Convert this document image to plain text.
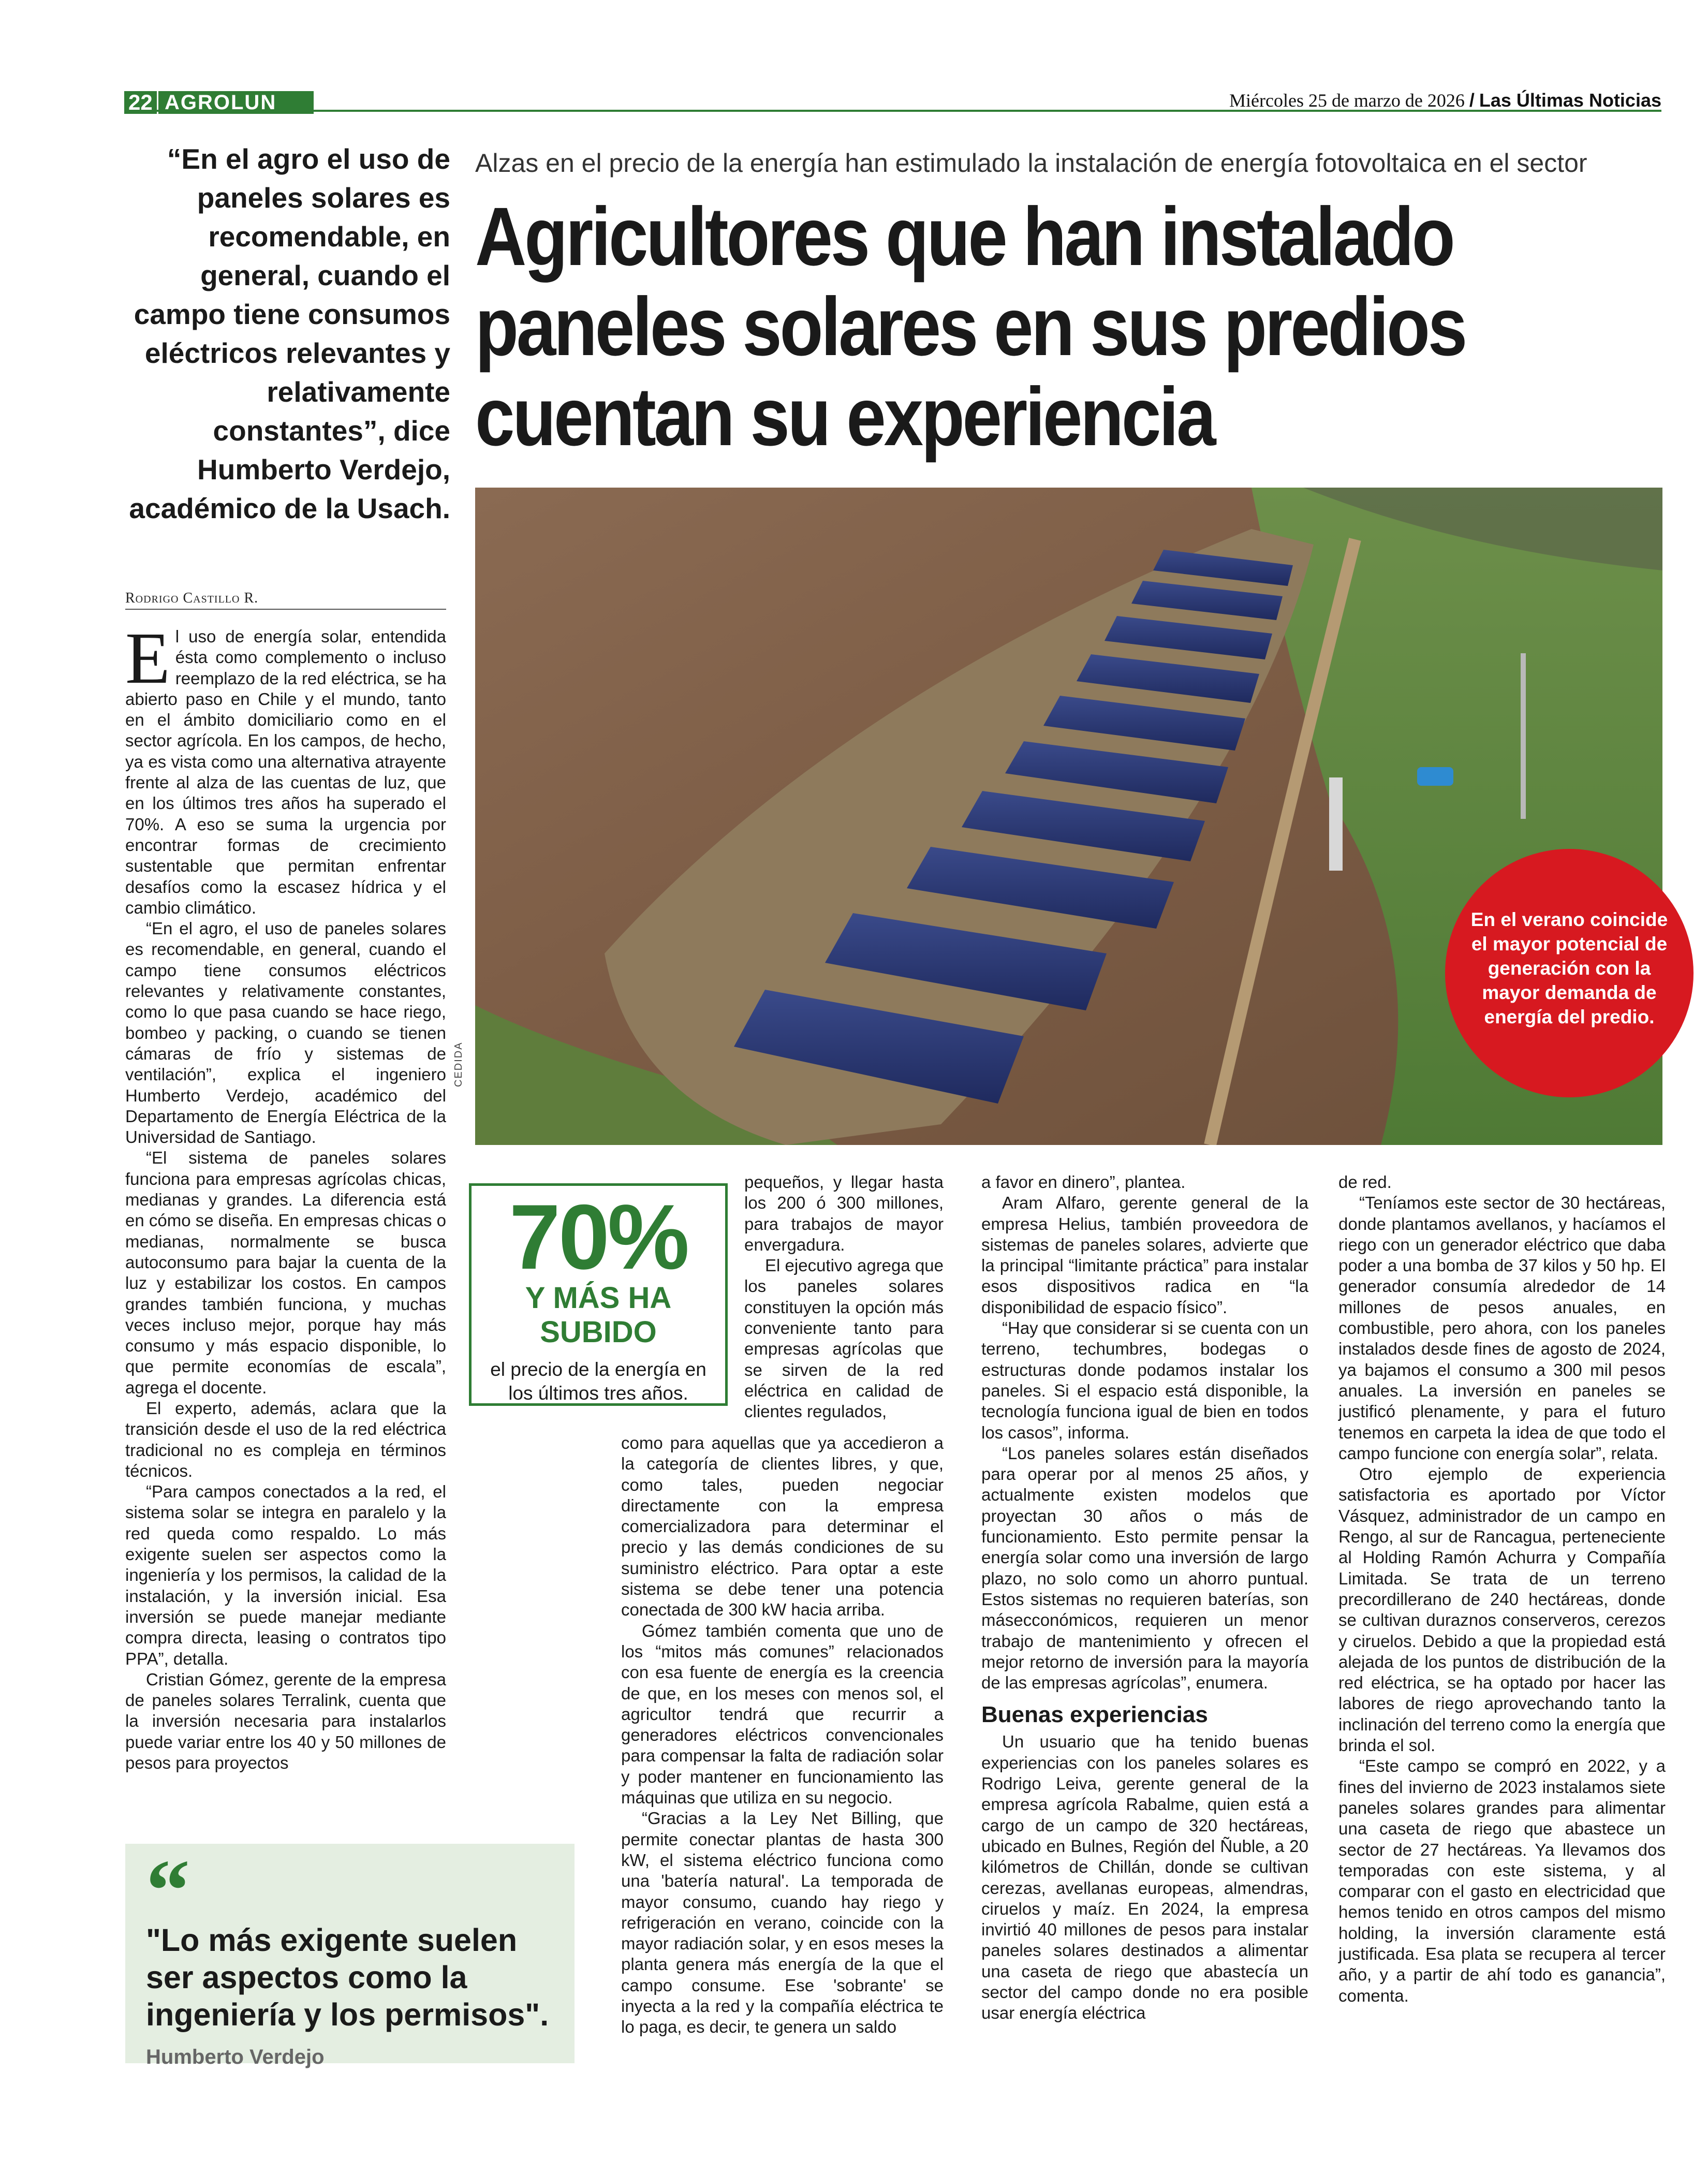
22 AGROLUN	Miércoles 25 de marzo de 2026 / Las Últimas Noticias
“En el agro el uso de paneles solares es recomendable, en general, cuando el campo tiene consumos eléctricos relevantes y relativamente constantes”, dice Humberto Verdejo, académico de la Usach.
Alzas en el precio de la energía han estimulado la instalación de energía fotovoltaica en el sector
Agricultores que han instalado
paneles solares en sus predios
cuentan su experiencia
CEDIDA
En el verano coincide el mayor potencial de generación con la mayor demanda de energía del predio.
Rodrigo Castillo R.

El uso de energía solar, entendida ésta como complemento o incluso reemplazo de la red eléctrica, se ha abierto paso en Chile y el mundo, tanto en el ámbito domiciliario como en el sector agrícola. En los campos, de hecho, ya es vista como una alternativa atrayente frente al alza de las cuentas de luz, que en los últimos tres años ha superado el 70%. A eso se suma la urgencia por encontrar formas de crecimiento sustentable que permitan enfrentar desafíos como la escasez hídrica y el cambio climático.

“En el agro, el uso de paneles solares es recomendable, en general, cuando el campo tiene consumos eléctricos relevantes y relativamente constantes, como lo que pasa cuando se hace riego, bombeo y packing, o cuando se tienen cámaras de frío y sistemas de ventilación”, explica el ingeniero Humberto Verdejo, académico del Departamento de Energía Eléctrica de la Universidad de Santiago.

“El sistema de paneles solares funciona para empresas agrícolas chicas, medianas y grandes. La diferencia está en cómo se diseña. En empresas chicas o medianas, normalmente se busca autoconsumo para bajar la cuenta de la luz y estabilizar los costos. En campos grandes también funciona, y muchas veces incluso mejor, porque hay más consumo y más espacio disponible, lo que permite economías de escala”, agrega el docente.

El experto, además, aclara que la transición desde el uso de la red eléctrica tradicional no es compleja en términos técnicos.

“Para campos conectados a la red, el sistema solar se integra en paralelo y la red queda como respaldo. Lo más exigente suelen ser aspectos como la ingeniería y los permisos, la calidad de la instalación, y la inversión inicial. Esa inversión se puede manejar mediante compra directa, leasing o contratos tipo PPA”, detalla.

Cristian Gómez, gerente de la empresa de paneles solares Terralink, cuenta que la inversión necesaria para instalarlos puede variar entre los 40 y 50 millones de pesos para proyectos

70%
Y MÁS HA
SUBIDO
el precio de la energía en los últimos tres años.

pequeños, y llegar hasta los 200 ó 300 millones, para trabajos de mayor envergadura.

El ejecutivo agrega que los paneles solares constituyen la opción más conveniente tanto para empresas agrícolas que se sirven de la red eléctrica en calidad de clientes regulados,

como para aquellas que ya accedieron a la categoría de clientes libres, y que, como tales, pueden negociar directamente con la empresa comercializadora para determinar el precio y las demás condiciones de su suministro eléctrico. Para optar a este sistema se debe tener una potencia conectada de 300 kW hacia arriba.

Gómez también comenta que uno de los “mitos más comunes” relacionados con esa fuente de energía es la creencia de que, en los meses con menos sol, el agricultor tendrá que recurrir a generadores eléctricos convencionales para compensar la falta de radiación solar y poder mantener en funcionamiento las máquinas que utiliza en su negocio.

“Gracias a la Ley Net Billing, que permite conectar plantas de hasta 300 kW, el sistema eléctrico funciona como una 'batería natural'. La temporada de mayor consumo, cuando hay riego y refrigeración en verano, coincide con la mayor radiación solar, y en esos meses la planta genera más energía de la que el campo consume. Ese 'sobrante' se inyecta a la red y la compañía eléctrica te lo paga, es decir, te genera un saldo

a favor en dinero”, plantea.

Aram Alfaro, gerente general de la empresa Helius, también proveedora de sistemas de paneles solares, advierte que la principal “limitante práctica” para instalar esos dispositivos radica en “la disponibilidad de espacio físico”.

“Hay que considerar si se cuenta con un terreno, techumbres, bodegas o estructuras donde podamos instalar los paneles. Si el espacio está disponible, la tecnología funciona igual de bien en todos los casos”, informa.

“Los paneles solares están diseñados para operar por al menos 25 años, y actualmente existen modelos que proyectan 30 años o más de funcionamiento. Esto permite pensar la energía solar como una inversión de largo plazo, no solo como un ahorro puntual. Estos sistemas no requieren baterías, son másecconómicos, requieren un menor trabajo de mantenimiento y ofrecen el mejor retorno de inversión para la mayoría de las empresas agrícolas”, enumera.

Buenas experiencias

Un usuario que ha tenido buenas experiencias con los paneles solares es Rodrigo Leiva, gerente general de la empresa agrícola Rabalme, quien está a cargo de un campo de 320 hectáreas, ubicado en Bulnes, Región del Ñuble, a 20 kilómetros de Chillán, donde se cultivan cerezas, avellanas europeas, almendras, ciruelos y maíz. En 2024, la empresa invirtió 40 millones de pesos para instalar paneles solares destinados a alimentar una caseta de riego que abastecía un sector del campo donde no era posible usar energía eléctrica

de red.

“Teníamos este sector de 30 hectáreas, donde plantamos avellanos, y hacíamos el riego con un generador eléctrico que daba poder a una bomba de 37 kilos y 50 hp. El generador consumía alrededor de 14 millones de pesos anuales, en combustible, pero ahora, con los paneles instalados desde fines de agosto de 2024, ya bajamos el consumo a 300 mil pesos anuales. La inversión en paneles se justificó plenamente, y para el futuro tenemos en carpeta la idea de que todo el campo funcione con energía solar”, relata.

Otro ejemplo de experiencia satisfactoria es aportado por Víctor Vásquez, administrador de un campo en Rengo, al sur de Rancagua, perteneciente al Holding Ramón Achurra y Compañía Limitada. Se trata de un terreno precordillerano de 240 hectáreas, donde se cultivan duraznos conserveros, cerezos y ciruelos. Debido a que la propiedad está alejada de los puntos de distribución de la red eléctrica, se ha optado por hacer las labores de riego aprovechando tanto la inclinación del terreno como la energía que brinda el sol.

“Este campo se compró en 2022, y a fines del invierno de 2023 instalamos siete paneles solares grandes para alimentar una caseta de riego que abastece un sector de 27 hectáreas. Ya llevamos dos temporadas con este sistema, y al comparar con el gasto en electricidad que hemos tenido en otros campos del mismo holding, la inversión claramente está justificada. Esa plata se recupera al tercer año, y a partir de ahí todo es ganancia”, comenta.

“
"Lo más exigente suelen ser aspectos como la ingeniería y los permisos".
Humberto Verdejo
